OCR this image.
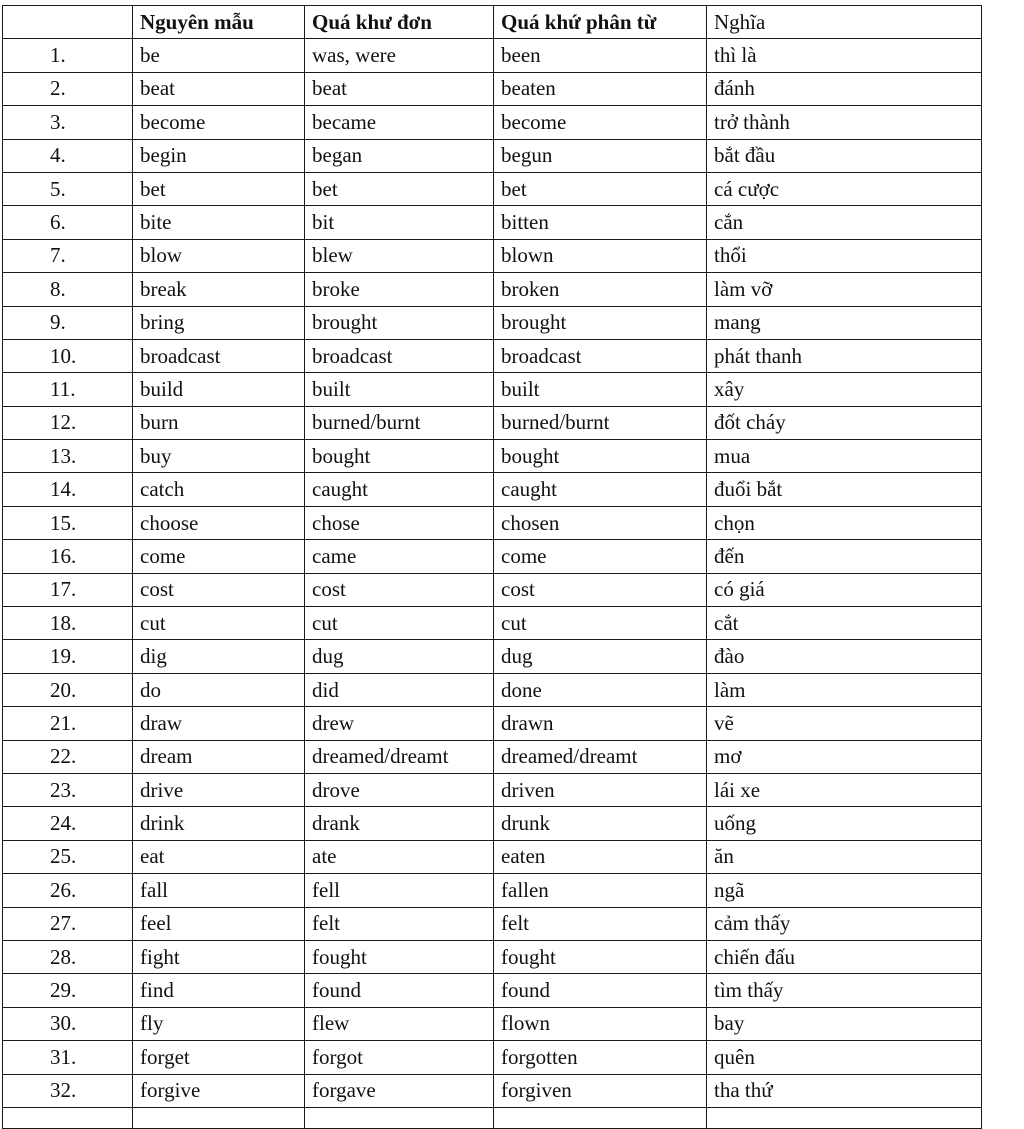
	Nguyên mẫu	Quá khư đơn	Quá khứ phân từ	Nghĩa
1.	be	was, were	been	thì là
2.	beat	beat	beaten	đánh
3.	become	became	become	trở thành
4.	begin	began	begun	bắt đầu
5.	bet	bet	bet	cá cược
6.	bite	bit	bitten	cắn
7.	blow	blew	blown	thổi
8.	break	broke	broken	làm vỡ
9.	bring	brought	brought	mang
10.	broadcast	broadcast	broadcast	phát thanh
11.	build	built	built	xây
12.	burn	burned/burnt	burned/burnt	đốt cháy
13.	buy	bought	bought	mua
14.	catch	caught	caught	đuổi bắt
15.	choose	chose	chosen	chọn
16.	come	came	come	đến
17.	cost	cost	cost	có giá
18.	cut	cut	cut	cắt
19.	dig	dug	dug	đào
20.	do	did	done	làm
21.	draw	drew	drawn	vẽ
22.	dream	dreamed/dreamt	dreamed/dreamt	mơ
23.	drive	drove	driven	lái xe
24.	drink	drank	drunk	uống
25.	eat	ate	eaten	ăn
26.	fall	fell	fallen	ngã
27.	feel	felt	felt	cảm thấy
28.	fight	fought	fought	chiến đấu
29.	find	found	found	tìm thấy
30.	fly	flew	flown	bay
31.	forget	forgot	forgotten	quên
32.	forgive	forgave	forgiven	tha thứ
